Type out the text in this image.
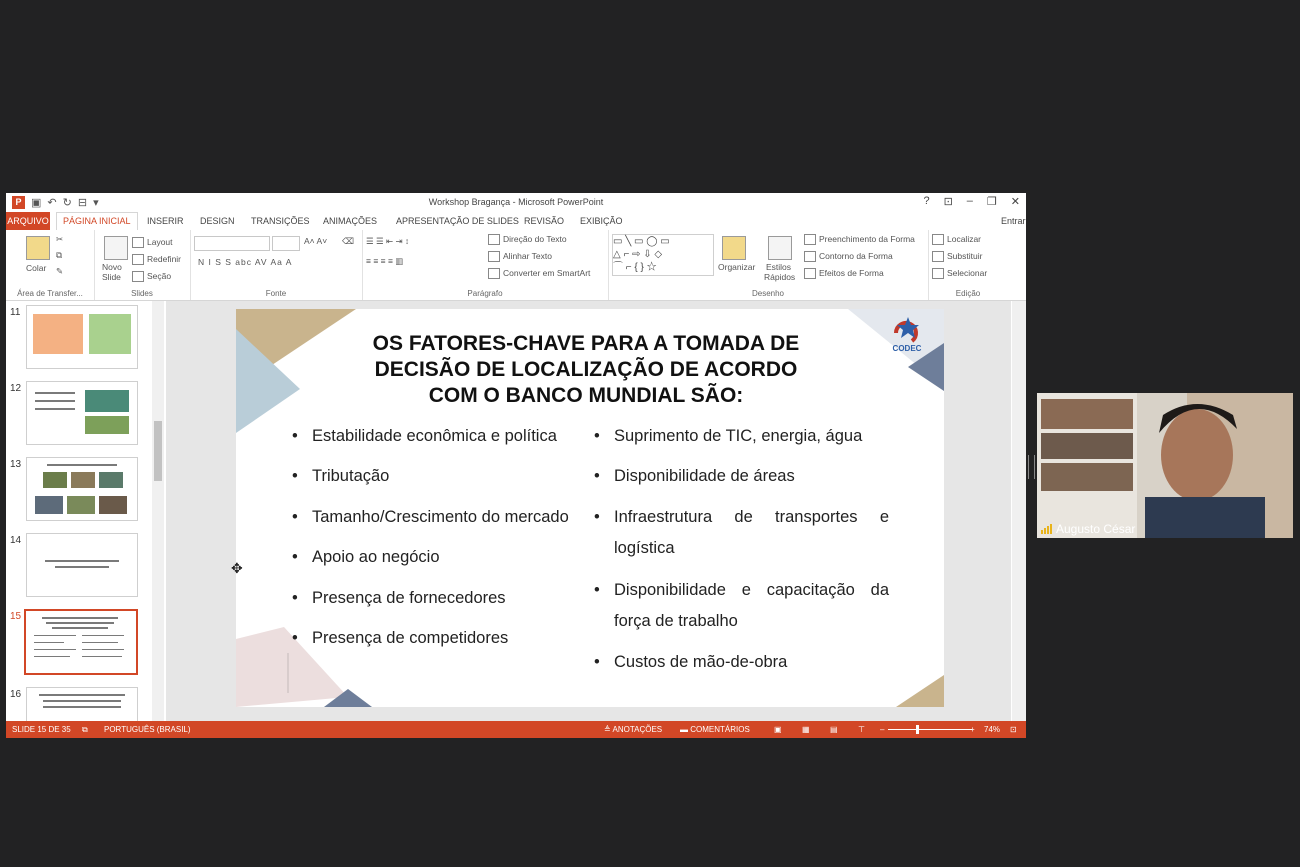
P ▣ ↶ ↻ ⊟ ▾	Workshop Bragança - Microsoft PowerPoint	? ⊡ – ❐ ✕
ARQUIVO	PÁGINA INICIAL	INSERIR DESIGN TRANSIÇÕES ANIMAÇÕES APRESENTAÇÃO DE SLIDES REVISÃO EXIBIÇÃO	Entrar
Colar
✂
⧉
✎
Área de Transfer...
Novo
Slide
Layout
Redefinir
Seção
Slides
A˄ A˅ ⌫
N I S S abc AV Aa A
Fonte
☰ ☰ ⇤ ⇥ ↕
≡ ≡ ≡ ≡ ▥
Direção do Texto
Alinhar Texto
Converter em SmartArt
Parágrafo
▭ ╲ ▭ ◯ ▭
△ ⌐ ⇨ ⇩ ◇
⌒ ⌐ { } ☆	Organizar Estilos
Rápidos
Preenchimento da Forma
Contorno da Forma
Efeitos de Forma
Desenho
Localizar
Substituir
Selecionar
Edição
11
12
13
14
15
16
CODEC
OS FATORES-CHAVE PARA A TOMADA DE
DECISÃO DE LOCALIZAÇÃO DE ACORDO
COM O BANCO MUNDIAL SÃO:
• Estabilidade econômica e política
• Tributação
• Tamanho/Crescimento do mercado
• Apoio ao negócio
• Presença de fornecedores
• Presença de competidores
• Suprimento de TIC, energia, água
• Disponibilidade de áreas
• Infraestrutura de transportes e logística
• Disponibilidade e capacitação da força de trabalho
• Custos de mão-de-obra
SLIDE 15 DE 35 ⧉ PORTUGUÊS (BRASIL)	≜ ANOTAÇÕES ▬ COMENTÁRIOS	▣	▦	▤	⊤ –	+ 74% ⊡
Augusto César
✥
